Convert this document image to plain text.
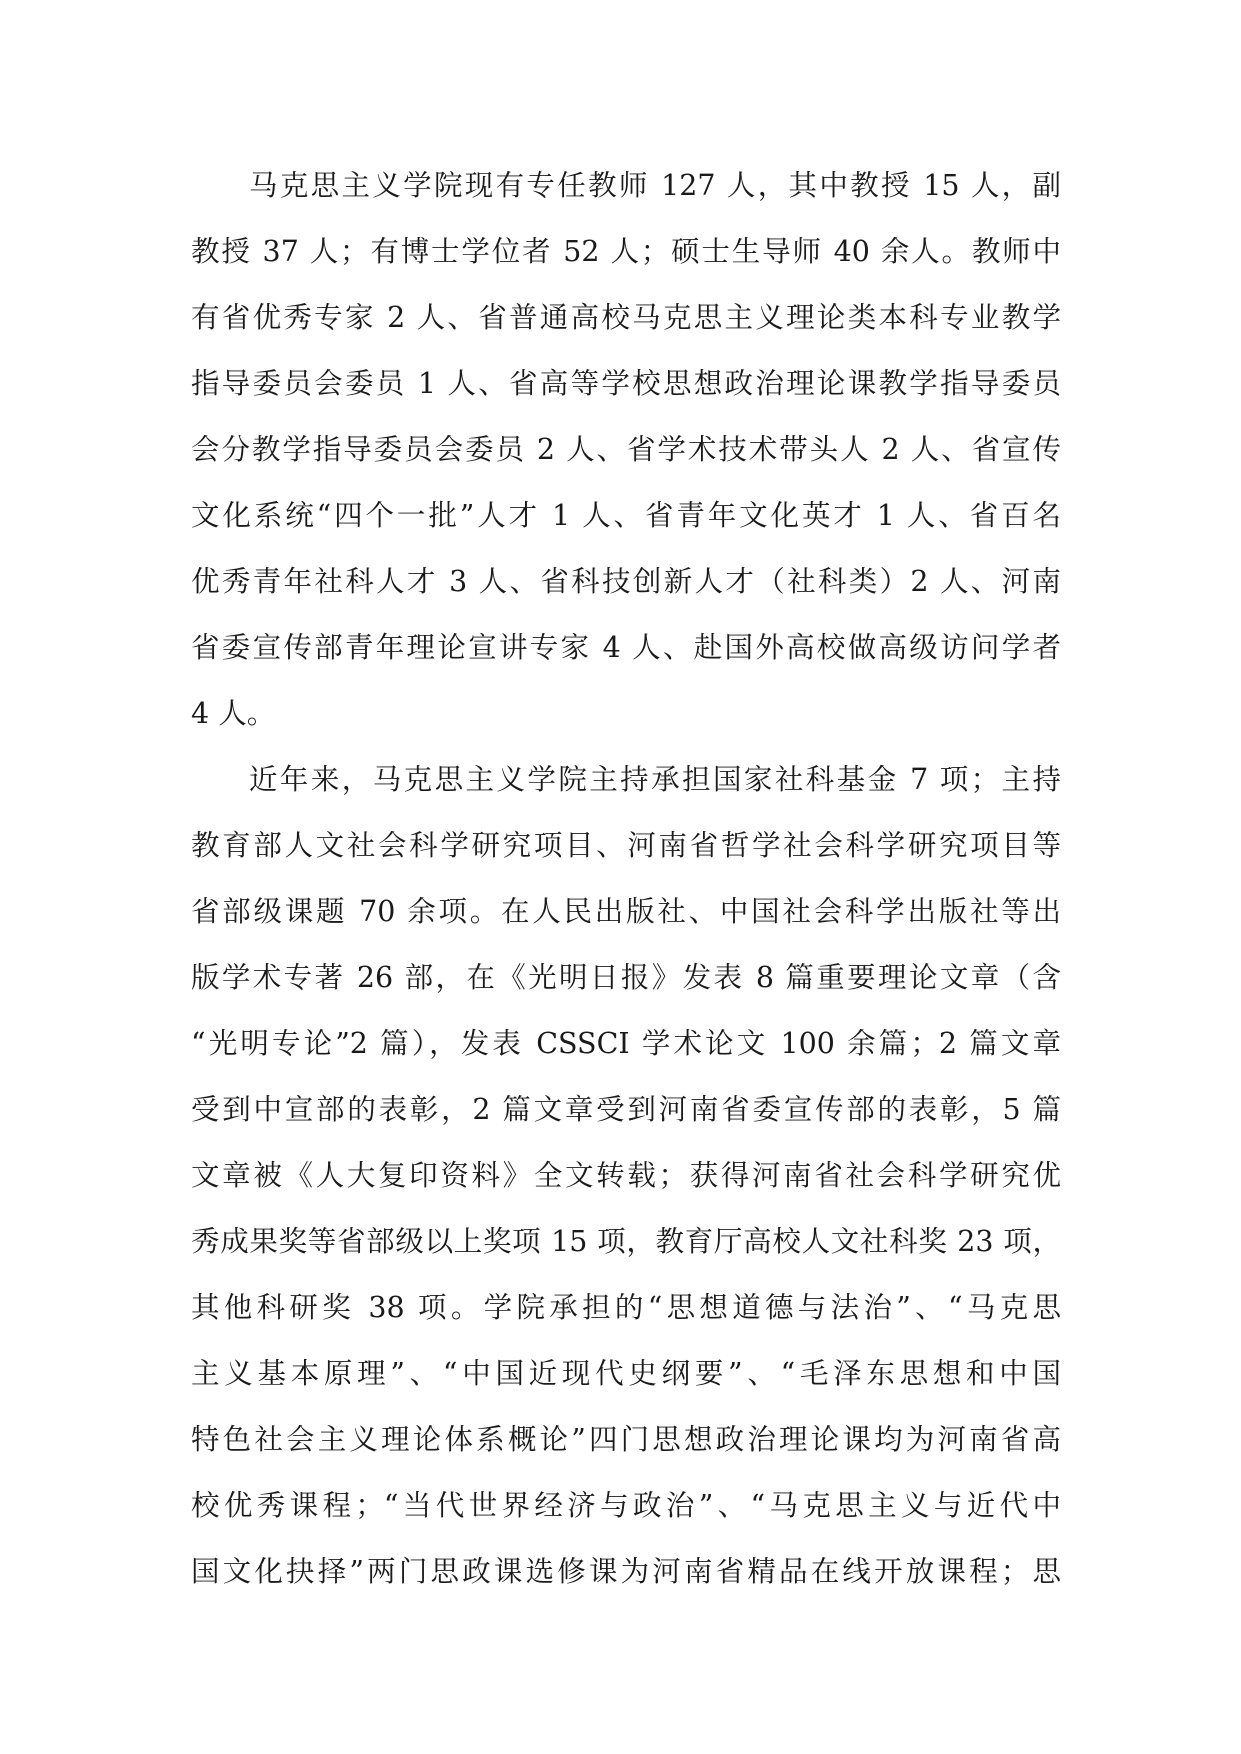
马克思主义学院现有专任教师 127 人，其中教授 15 人，副
教授 37 人；有博士学位者 52 人；硕士生导师 40 余人。教师中
有省优秀专家 2 人、省普通高校马克思主义理论类本科专业教学
指导委员会委员 1 人、省高等学校思想政治理论课教学指导委员
会分教学指导委员会委员 2 人、省学术技术带头人 2 人、省宣传
文化系统“四个一批”人才 1 人、省青年文化英才 1 人、省百名
优秀青年社科人才 3 人、省科技创新人才（社科类）2 人、河南
省委宣传部青年理论宣讲专家 4 人、赴国外高校做高级访问学者
4 人。
近年来，马克思主义学院主持承担国家社科基金 7 项；主持
教育部人文社会科学研究项目、河南省哲学社会科学研究项目等
省部级课题 70 余项。在人民出版社、中国社会科学出版社等出
版学术专著 26 部，在《光明日报》发表 8 篇重要理论文章（含
“光明专论”2 篇），发表 CSSCI 学术论文 100 余篇；2 篇文章
受到中宣部的表彰，2 篇文章受到河南省委宣传部的表彰，5 篇
文章被《人大复印资料》全文转载；获得河南省社会科学研究优
秀成果奖等省部级以上奖项 15 项，教育厅高校人文社科奖 23 项，
其他科研奖 38 项。学院承担的“思想道德与法治”、“马克思
主义基本原理”、“中国近现代史纲要”、“毛泽东思想和中国
特色社会主义理论体系概论”四门思想政治理论课均为河南省高
校优秀课程；“当代世界经济与政治”、“马克思主义与近代中
国文化抉择”两门思政课选修课为河南省精品在线开放课程；思
